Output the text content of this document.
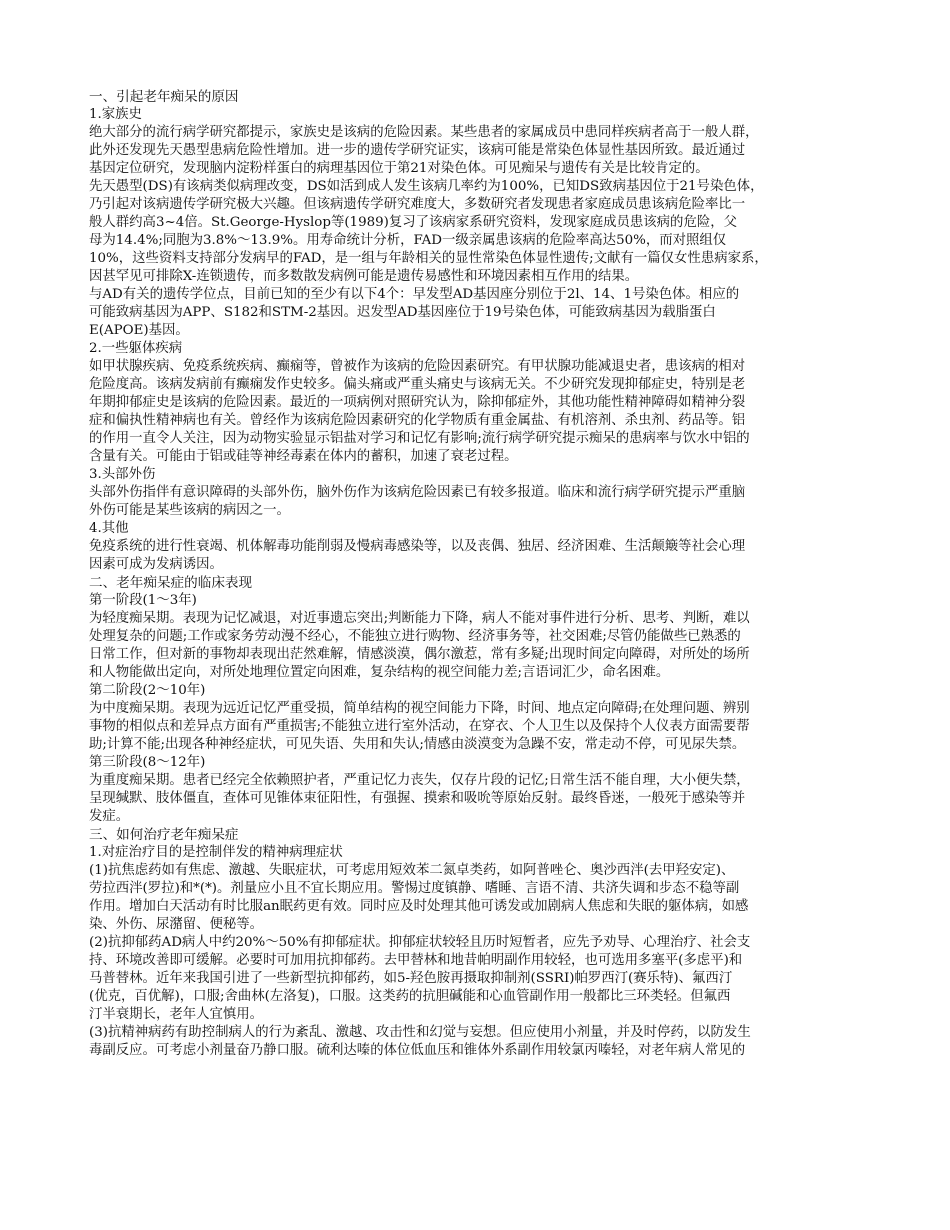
一、引起老年痴呆的原因
1.家族史
绝大部分的流行病学研究都提示，家族史是该病的危险因素。某些患者的家属成员中患同样疾病者高于一般人群，
此外还发现先天愚型患病危险性增加。进一步的遗传学研究证实，该病可能是常染色体显性基因所致。最近通过
基因定位研究，发现脑内淀粉样蛋白的病理基因位于第21对染色体。可见痴呆与遗传有关是比较肯定的。
先天愚型(DS)有该病类似病理改变，DS如活到成人发生该病几率约为100%，已知DS致病基因位于21号染色体，
乃引起对该病遗传学研究极大兴趣。但该病遗传学研究难度大，多数研究者发现患者家庭成员患该病危险率比一
般人群约高3~4倍。St.George-Hyslop等(1989)复习了该病家系研究资料，发现家庭成员患该病的危险，父
母为14.4%;同胞为3.8%～13.9%。用寿命统计分析，FAD一级亲属患该病的危险率高达50%，而对照组仅
10%，这些资料支持部分发病早的FAD，是一组与年龄相关的显性常染色体显性遗传;文献有一篇仅女性患病家系，
因甚罕见可排除X-连锁遗传，而多数散发病例可能是遗传易感性和环境因素相互作用的结果。
与AD有关的遗传学位点，目前已知的至少有以下4个：早发型AD基因座分别位于2l、14、1号染色体。相应的
可能致病基因为APP、S182和STM-2基因。迟发型AD基因座位于19号染色体，可能致病基因为载脂蛋白
E(APOE)基因。
2.一些躯体疾病
如甲状腺疾病、免疫系统疾病、癫痫等，曾被作为该病的危险因素研究。有甲状腺功能减退史者，患该病的相对
危险度高。该病发病前有癫痫发作史较多。偏头痛或严重头痛史与该病无关。不少研究发现抑郁症史，特别是老
年期抑郁症史是该病的危险因素。最近的一项病例对照研究认为，除抑郁症外，其他功能性精神障碍如精神分裂
症和偏执性精神病也有关。曾经作为该病危险因素研究的化学物质有重金属盐、有机溶剂、杀虫剂、药品等。铝
的作用一直令人关注，因为动物实验显示铝盐对学习和记忆有影响;流行病学研究提示痴呆的患病率与饮水中铝的
含量有关。可能由于铝或硅等神经毒素在体内的蓄积，加速了衰老过程。
3.头部外伤
头部外伤指伴有意识障碍的头部外伤，脑外伤作为该病危险因素已有较多报道。临床和流行病学研究提示严重脑
外伤可能是某些该病的病因之一。
4.其他
免疫系统的进行性衰竭、机体解毒功能削弱及慢病毒感染等，以及丧偶、独居、经济困难、生活颠簸等社会心理
因素可成为发病诱因。
二、老年痴呆症的临床表现
第一阶段(1～3年)
为轻度痴呆期。表现为记忆减退，对近事遗忘突出;判断能力下降，病人不能对事件进行分析、思考、判断，难以
处理复杂的问题;工作或家务劳动漫不经心，不能独立进行购物、经济事务等，社交困难;尽管仍能做些已熟悉的
日常工作，但对新的事物却表现出茫然难解，情感淡漠，偶尔激惹，常有多疑;出现时间定向障碍，对所处的场所
和人物能做出定向，对所处地理位置定向困难，复杂结构的视空间能力差;言语词汇少，命名困难。
第二阶段(2～10年)
为中度痴呆期。表现为远近记忆严重受损，简单结构的视空间能力下降，时间、地点定向障碍;在处理问题、辨别
事物的相似点和差异点方面有严重损害;不能独立进行室外活动，在穿衣、个人卫生以及保持个人仪表方面需要帮
助;计算不能;出现各种神经症状，可见失语、失用和失认;情感由淡漠变为急躁不安，常走动不停，可见尿失禁。
第三阶段(8～12年)
为重度痴呆期。患者已经完全依赖照护者，严重记忆力丧失，仅存片段的记忆;日常生活不能自理，大小便失禁，
呈现缄默、肢体僵直，查体可见锥体束征阳性，有强握、摸索和吸吮等原始反射。最终昏迷，一般死于感染等并
发症。
三、如何治疗老年痴呆症
1.对症治疗目的是控制伴发的精神病理症状
(1)抗焦虑药如有焦虑、激越、失眠症状，可考虑用短效苯二氮卓类药，如阿普唑仑、奥沙西泮(去甲羟安定)、
劳拉西泮(罗拉)和*(*)。剂量应小且不宜长期应用。警惕过度镇静、嗜睡、言语不清、共济失调和步态不稳等副
作用。增加白天活动有时比服an眠药更有效。同时应及时处理其他可诱发或加剧病人焦虑和失眠的躯体病，如感
染、外伤、尿潴留、便秘等。
(2)抗抑郁药AD病人中约20%～50%有抑郁症状。抑郁症状较轻且历时短暂者，应先予劝导、心理治疗、社会支
持、环境改善即可缓解。必要时可加用抗抑郁药。去甲替林和地昔帕明副作用较轻，也可选用多塞平(多虑平)和
马普替林。近年来我国引进了一些新型抗抑郁药，如5-羟色胺再摄取抑制剂(SSRI)帕罗西汀(赛乐特)、氟西汀
(优克，百优解)，口服;舍曲林(左洛复)，口服。这类药的抗胆碱能和心血管副作用一般都比三环类轻。但氟西
汀半衰期长，老年人宜慎用。
(3)抗精神病药有助控制病人的行为紊乱、激越、攻击性和幻觉与妄想。但应使用小剂量，并及时停药，以防发生
毒副反应。可考虑小剂量奋乃静口服。硫利达嗪的体位低血压和锥体外系副作用较氯丙嗪轻，对老年病人常见的
